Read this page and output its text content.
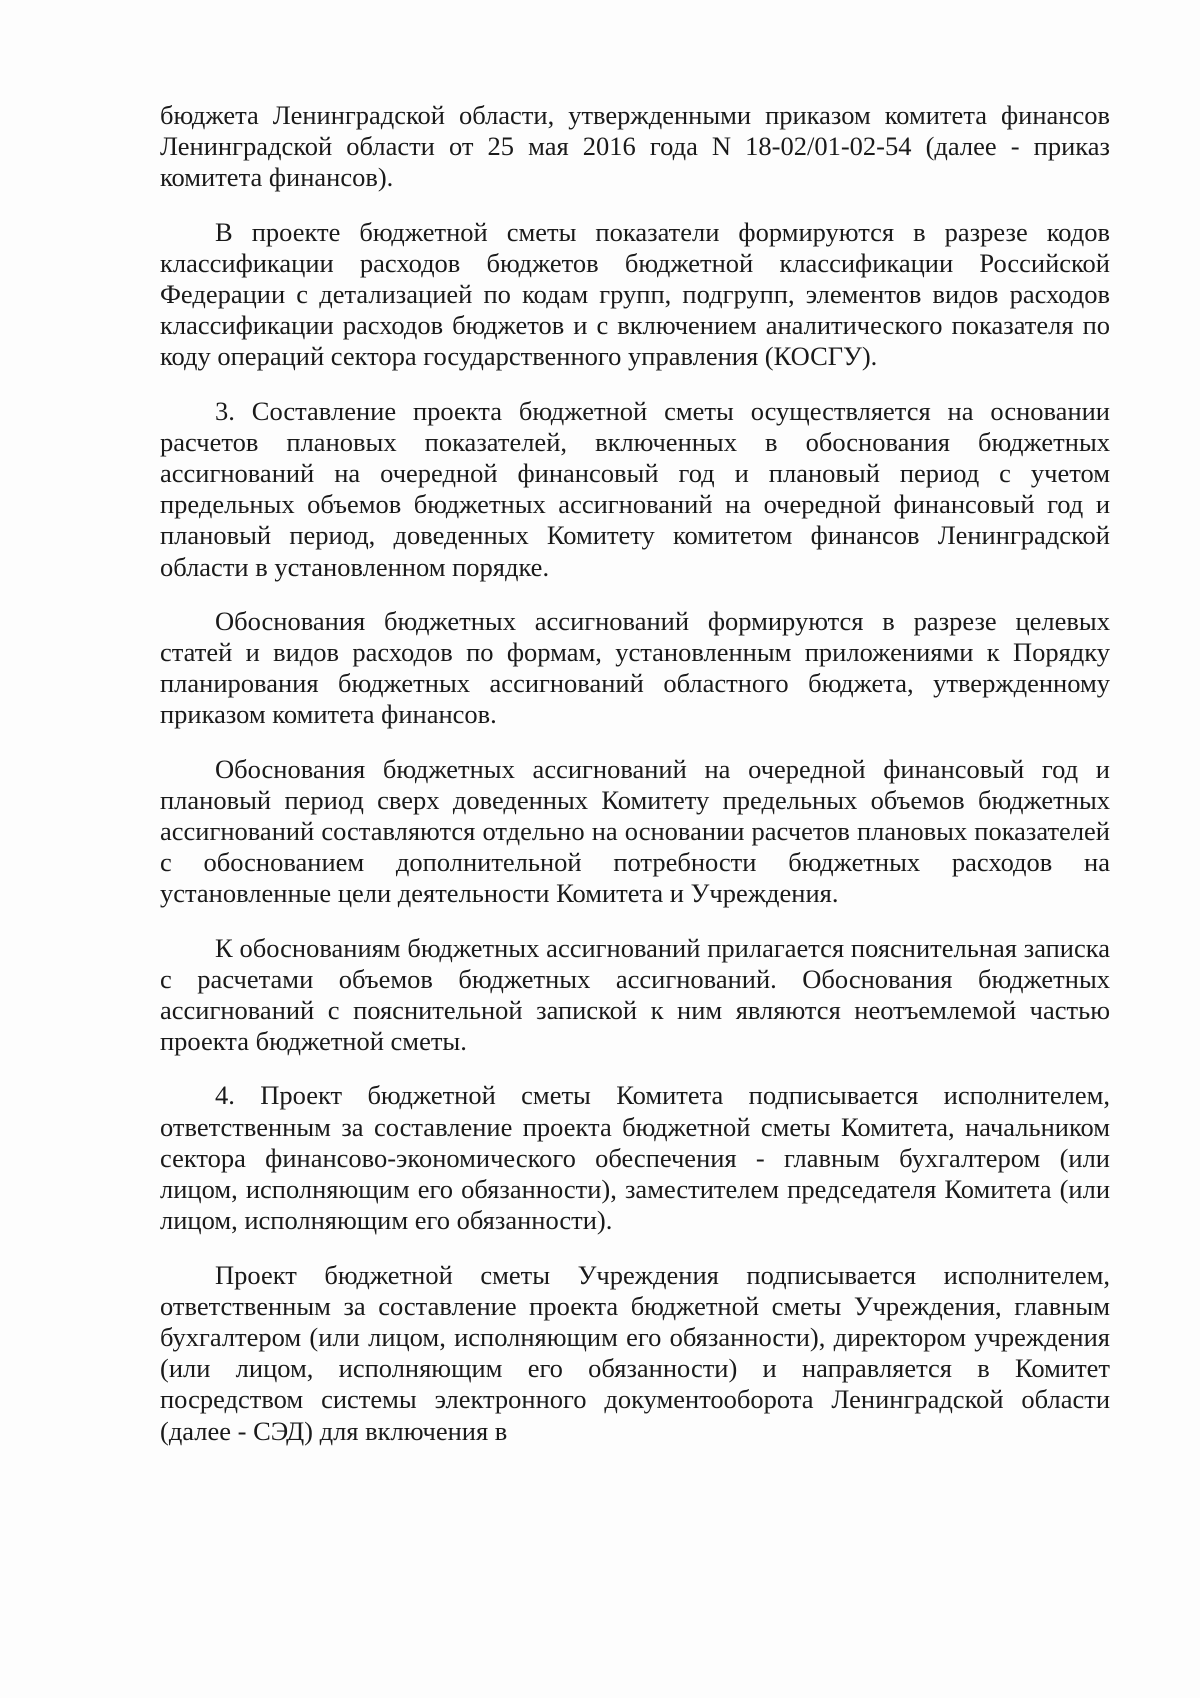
бюджета Ленинградской области, утвержденными приказом комитета финансов Ленинградской области от 25 мая 2016 года N 18-02/01-02-54 (далее - приказ комитета финансов).

В проекте бюджетной сметы показатели формируются в разрезе кодов классификации расходов бюджетов бюджетной классификации Российской Федерации с детализацией по кодам групп, подгрупп, элементов видов расходов классификации расходов бюджетов и с включением аналитического показателя по коду операций сектора государственного управления (КОСГУ).

3. Составление проекта бюджетной сметы осуществляется на основании расчетов плановых показателей, включенных в обоснования бюджетных ассигнований на очередной финансовый год и плановый период с учетом предельных объемов бюджетных ассигнований на очередной финансовый год и плановый период, доведенных Комитету комитетом финансов Ленинградской области в установленном порядке.

Обоснования бюджетных ассигнований формируются в разрезе целевых статей и видов расходов по формам, установленным приложениями к Порядку планирования бюджетных ассигнований областного бюджета, утвержденному приказом комитета финансов.

Обоснования бюджетных ассигнований на очередной финансовый год и плановый период сверх доведенных Комитету предельных объемов бюджетных ассигнований составляются отдельно на основании расчетов плановых показателей с обоснованием дополнительной потребности бюджетных расходов на установленные цели деятельности Комитета и Учреждения.

К обоснованиям бюджетных ассигнований прилагается пояснительная записка с расчетами объемов бюджетных ассигнований. Обоснования бюджетных ассигнований с пояснительной запиской к ним являются неотъемлемой частью проекта бюджетной сметы.

4. Проект бюджетной сметы Комитета подписывается исполнителем, ответственным за составление проекта бюджетной сметы Комитета, начальником сектора финансово-экономического обеспечения - главным бухгалтером (или лицом, исполняющим его обязанности), заместителем председателя Комитета (или лицом, исполняющим его обязанности).

Проект бюджетной сметы Учреждения подписывается исполнителем, ответственным за составление проекта бюджетной сметы Учреждения, главным бухгалтером (или лицом, исполняющим его обязанности), директором учреждения (или лицом, исполняющим его обязанности) и направляется в Комитет посредством системы электронного документооборота Ленинградской области (далее - СЭД) для включения в
